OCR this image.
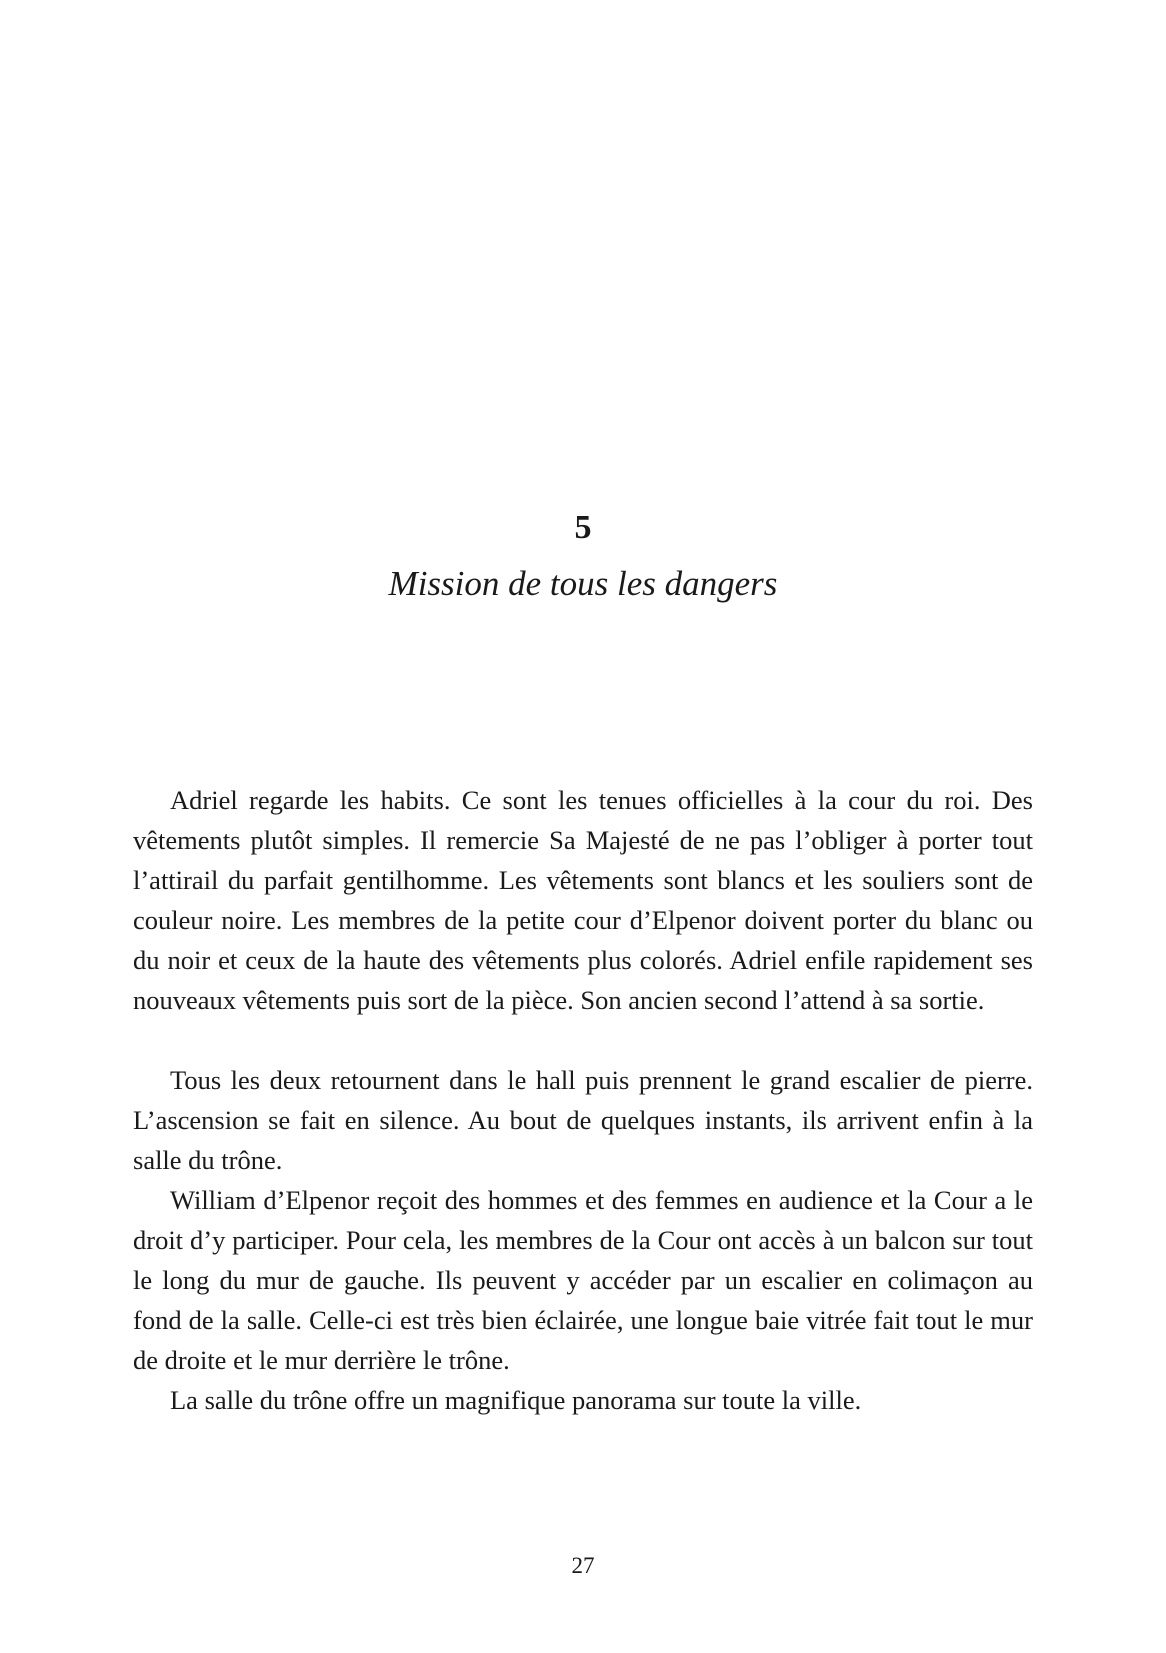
5
Mission de tous les dangers

Adriel regarde les habits. Ce sont les tenues officielles à la cour du roi. Des vêtements plutôt simples. Il remercie Sa Majesté de ne pas l’obliger à porter tout l’attirail du parfait gentilhomme. Les vêtements sont blancs et les souliers sont de couleur noire. Les membres de la petite cour d’Elpenor doivent porter du blanc ou du noir et ceux de la haute des vêtements plus colorés. Adriel enfile rapidement ses nouveaux vêtements puis sort de la pièce. Son ancien second l’attend à sa sortie.

Tous les deux retournent dans le hall puis prennent le grand escalier de pierre. L’ascension se fait en silence. Au bout de quelques instants, ils arrivent enfin à la salle du trône.

William d’Elpenor reçoit des hommes et des femmes en audience et la Cour a le droit d’y participer. Pour cela, les membres de la Cour ont accès à un balcon sur tout le long du mur de gauche. Ils peuvent y accéder par un escalier en colimaçon au fond de la salle. Celle-ci est très bien éclairée, une longue baie vitrée fait tout le mur de droite et le mur derrière le trône.

La salle du trône offre un magnifique panorama sur toute la ville.

27
